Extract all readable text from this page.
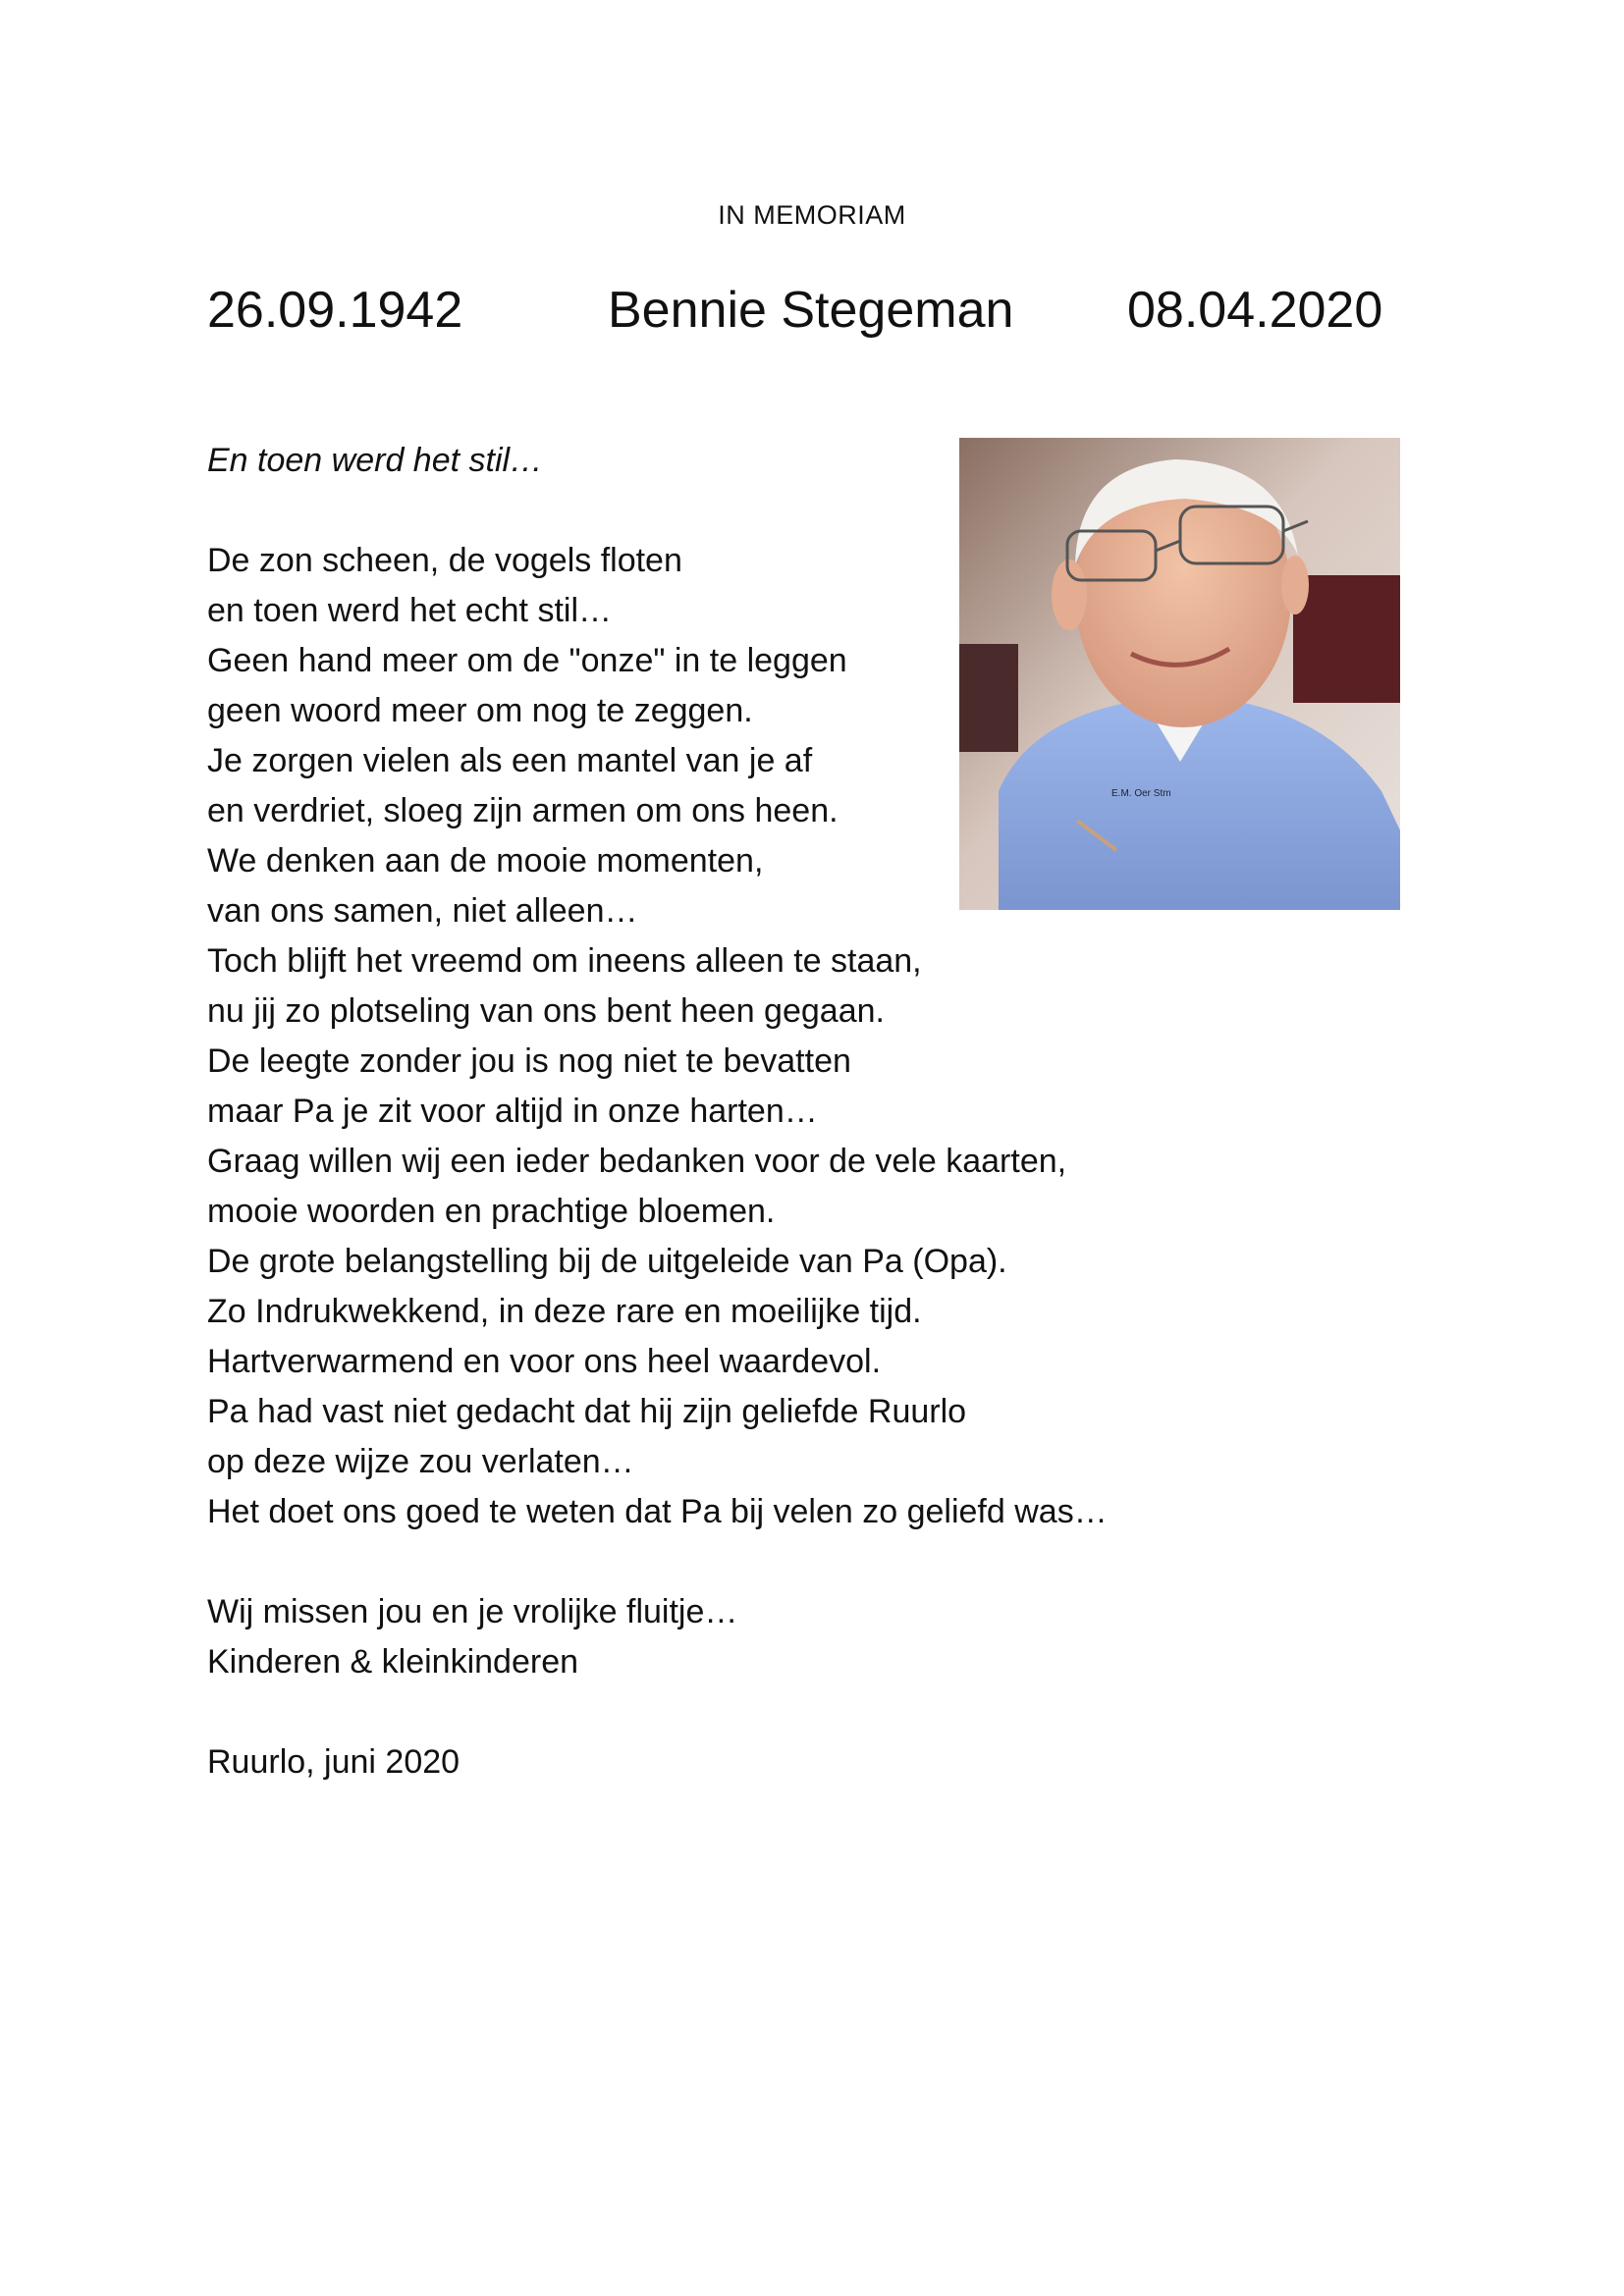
IN MEMORIAM
26.09.1942	Bennie Stegeman 08.04.2020
E.M. Oer Stm
En toen werd het stil…
De zon scheen, de vogels floten
en toen werd het echt stil…
Geen hand meer om de "onze" in te leggen
geen woord meer om nog te zeggen.
Je zorgen vielen als een mantel van je af
en verdriet, sloeg zijn armen om ons heen.
We denken aan de mooie momenten,
van ons samen, niet alleen…
Toch blijft het vreemd om ineens alleen te staan,
nu jij zo plotseling van ons bent heen gegaan.
De leegte zonder jou is nog niet te bevatten
maar Pa je zit voor altijd in onze harten…
Graag willen wij een ieder bedanken voor de vele kaarten,
mooie woorden en prachtige bloemen.
De grote belangstelling bij de uitgeleide van Pa (Opa).
Zo Indrukwekkend, in deze rare en moeilijke tijd.
Hartverwarmend en voor ons heel waardevol.
Pa had vast niet gedacht dat hij zijn geliefde Ruurlo
op deze wijze zou verlaten…
Het doet ons goed te weten dat Pa bij velen zo geliefd was…
Wij missen jou en je vrolijke fluitje…
Kinderen & kleinkinderen
Ruurlo, juni 2020
